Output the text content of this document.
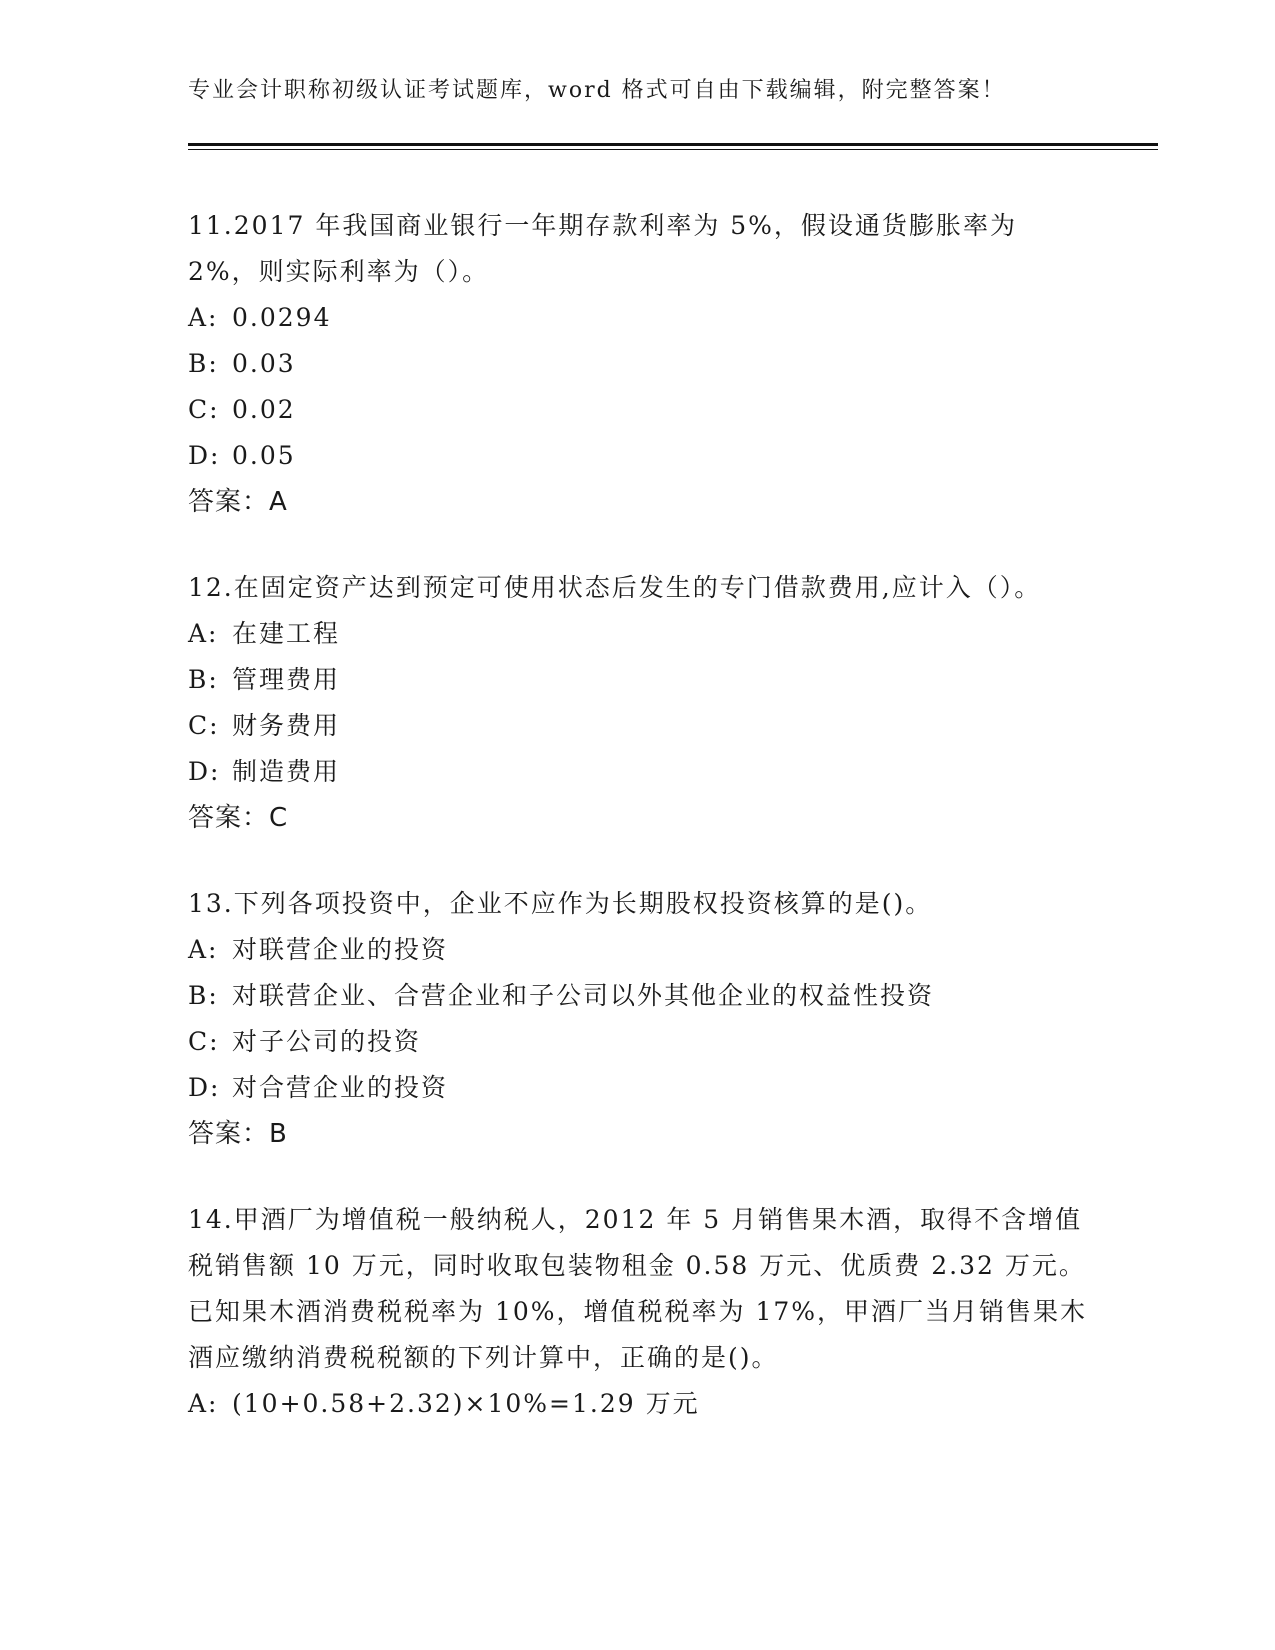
专业会计职称初级认证考试题库，word 格式可自由下载编辑，附完整答案！
11.2017 年我国商业银行一年期存款利率为 5%，假设通货膨胀率为 2%，则实际利率为（）。
A: 0.0294
B: 0.03
C: 0.02
D: 0.05
答案：A
12.在固定资产达到预定可使用状态后发生的专门借款费用,应计入（）。
A: 在建工程
B: 管理费用
C: 财务费用
D: 制造费用
答案：C
13.下列各项投资中，企业不应作为长期股权投资核算的是()。
A: 对联营企业的投资
B: 对联营企业、合营企业和子公司以外其他企业的权益性投资
C: 对子公司的投资
D: 对合营企业的投资
答案：B
14.甲酒厂为增值税一般纳税人，2012 年 5 月销售果木酒，取得不含增值税销售额 10 万元，同时收取包装物租金 0.58 万元、优质费 2.32 万元。已知果木酒消费税税率为 10%，增值税税率为 17%，甲酒厂当月销售果木酒应缴纳消费税税额的下列计算中，正确的是()。
A: (10+0.58+2.32)×10%=1.29 万元
